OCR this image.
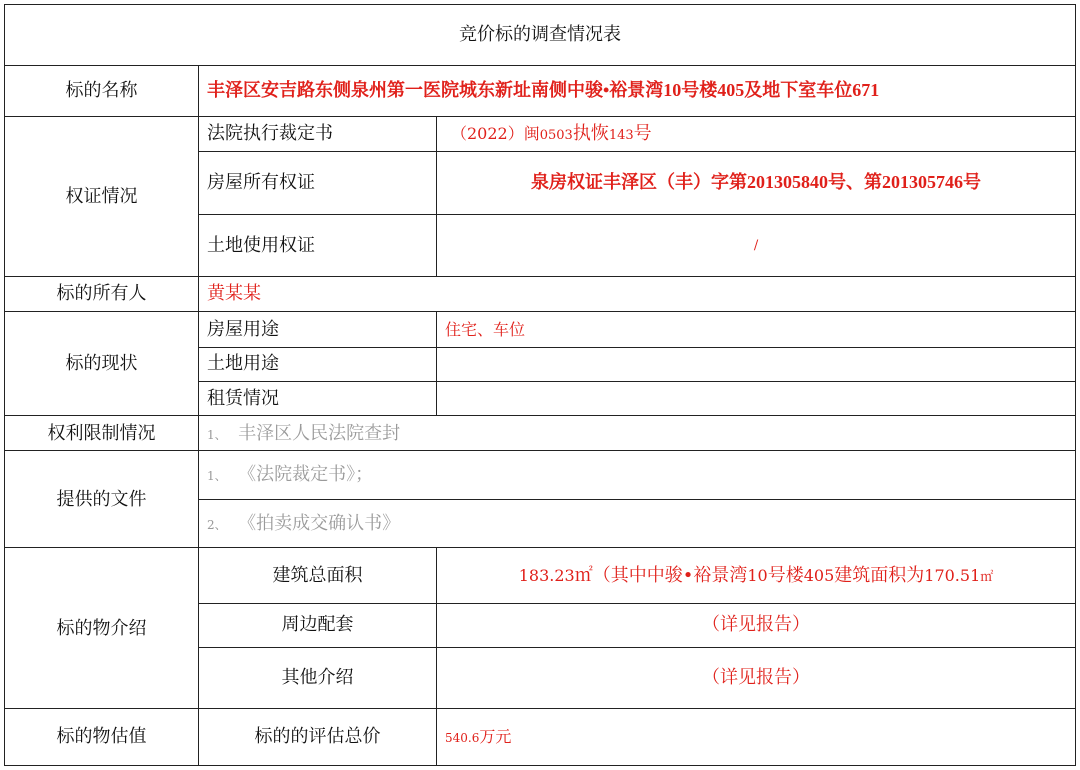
竞价标的调查情况表		
标的名称	丰泽区安吉路东侧泉州第一医院城东新址南侧中骏•裕景湾10号楼405及地下室车位671	
权证情况	法院执行裁定书	（2022）闽0503执恢143号
	房屋所有权证	泉房权证丰泽区（丰）字第201305840号、第201305746号
	土地使用权证	/
标的所有人	黄某某	
标的现状	房屋用途	住宅、车位
	土地用途	
	租赁情况	
权利限制情况	1、 丰泽区人民法院查封	
提供的文件	1、 《法院裁定书》；	
	2、 《拍卖成交确认书》	
标的物介绍	建筑总面积	183.23㎡（其中中骏•裕景湾10号楼405建筑面积为170.51㎡
	周边配套	（详见报告）
	其他介绍	（详见报告）
标的物估值	标的的评估总价	540.6万元
